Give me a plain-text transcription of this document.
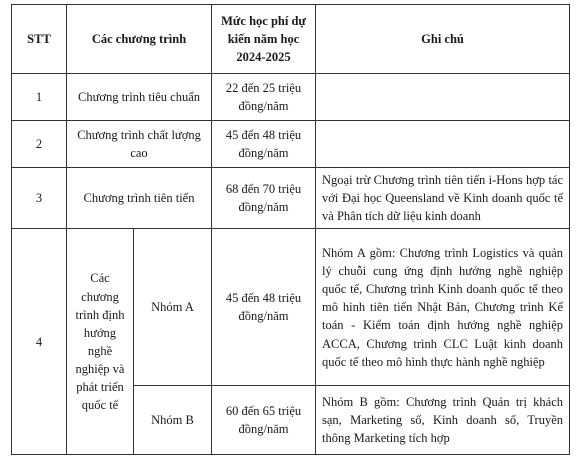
STT	Các chương trình		Mức học phí dự kiến năm học 2024-2025	Ghi chú
1	Chương trình tiêu chuẩn		22 đến 25 triệu đồng/năm	
2	Chương trình chất lượng cao		45 đến 48 triệu đồng/năm	
3	Chương trình tiên tiến		68 đến 70 triệu đồng/năm	Ngoại trừ Chương trình tiên tiến i-Hons hợp tác với Đại học Queensland về Kinh doanh quốc tế và Phân tích dữ liệu kinh doanh
4	Các chương trình định hướng nghề nghiệp và phát triển quốc tế	Nhóm A	45 đến 48 triệu đồng/năm	Nhóm A gồm: Chương trình Logistics và quản lý chuỗi cung ứng định hướng nghề nghiệp quốc tế, Chương trình Kinh doanh quốc tế theo mô hình tiên tiến Nhật Bản, Chương trình Kế toán - Kiểm toán định hướng nghề nghiệp ACCA, Chương trình CLC Luật kinh doanh quốc tế theo mô hình thực hành nghề nghiệp
		Nhóm B	60 đến 65 triệu đồng/năm	Nhóm B gồm: Chương trình Quản trị khách sạn, Marketing số, Kinh doanh số, Truyền thông Marketing tích hợp
